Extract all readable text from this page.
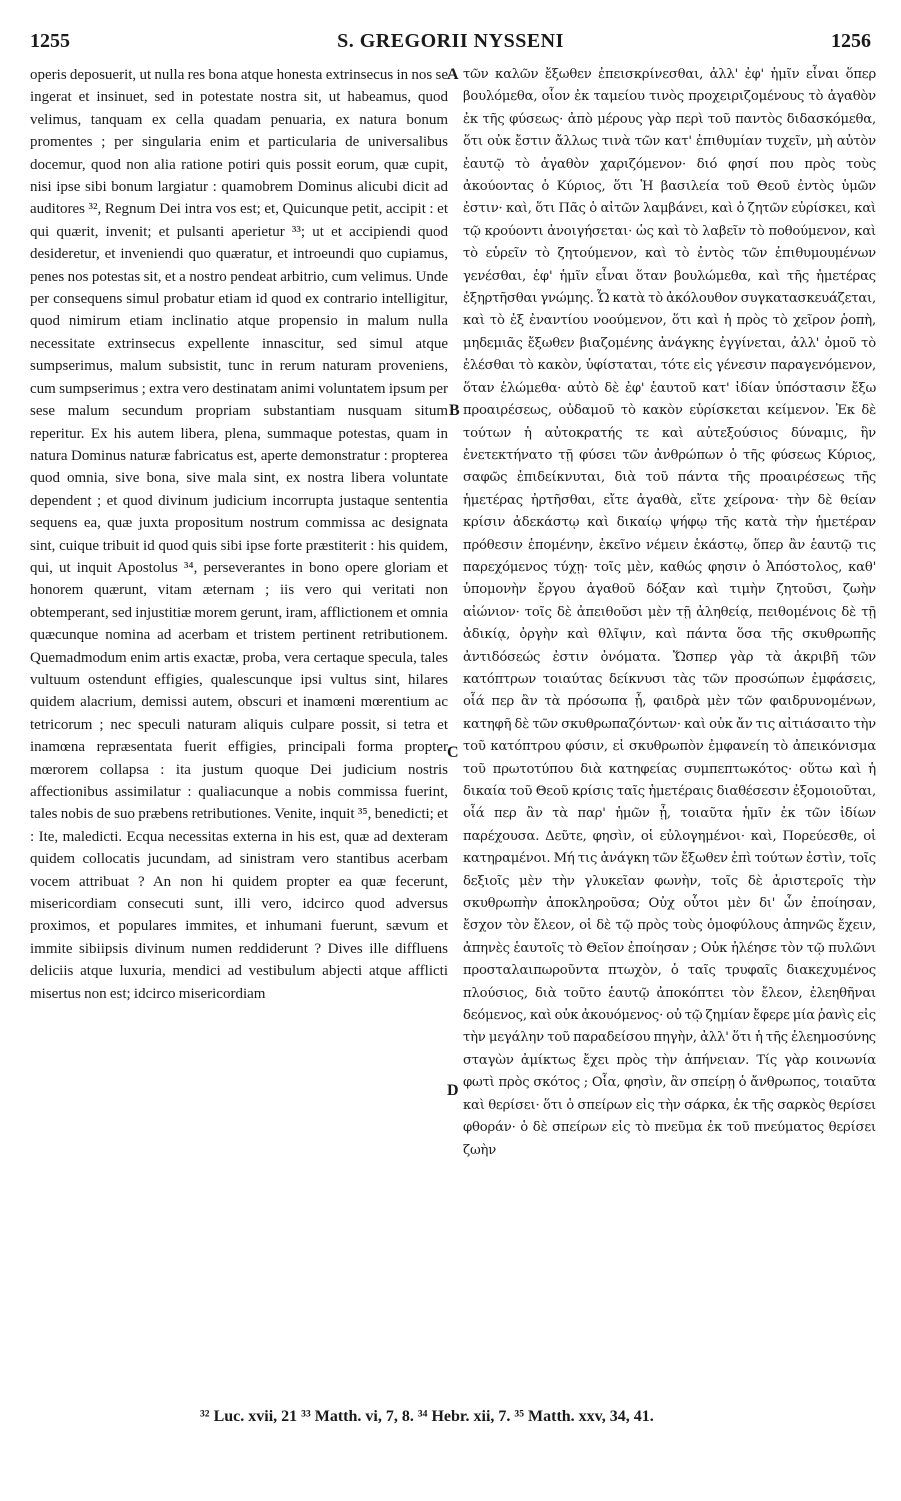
1255	S. GREGORII NYSSENI	1256

operis deposuerit, ut nulla res bona atque honesta extrinsecus in nos se ingerat et insinuet, sed in potestate nostra sit, ut habeamus, quod velimus, tanquam ex cella quadam penuaria, ex natura bonum promentes ; per singularia enim et particularia de universalibus docemur, quod non alia ratione potiri quis possit eorum, quæ cupit, nisi ipse sibi bonum largiatur : quamobrem Dominus alicubi dicit ad auditores ³², Regnum Dei intra vos est; et, Quicunque petit, accipit : et qui quærit, invenit; et pulsanti aperietur ³³; ut et accipiendi quod desideretur, et inveniendi quo quæratur, et introeundi quo cupiamus, penes nos potestas sit, et a nostro pendeat arbitrio, cum velimus. Unde per consequens simul probatur etiam id quod ex contrario intelligitur, quod nimirum etiam inclinatio atque propensio in malum nulla necessitate extrinsecus expellente innascitur, sed simul atque sumpserimus, malum subsistit, tunc in rerum naturam proveniens, cum sumpserimus ; extra vero destinatam animi voluntatem ipsum per sese malum secundum propriam substantiam nusquam situm reperitur. Ex his autem libera, plena, summaque potestas, quam in natura Dominus naturæ fabricatus est, aperte demonstratur : propterea quod omnia, sive bona, sive mala sint, ex nostra libera voluntate dependent ; et quod divinum judicium incorrupta justaque sententia sequens ea, quæ juxta propositum nostrum commissa ac designata sint, cuique tribuit id quod quis sibi ipse forte præstiterit : his quidem, qui, ut inquit Apostolus ³⁴, perseverantes in bono opere gloriam et honorem quærunt, vitam æternam ; iis vero qui veritati non obtemperant, sed injustitiæ morem gerunt, iram, afflictionem et omnia quæcunque nomina ad acerbam et tristem pertinent retributionem. Quemadmodum enim artis exactæ, proba, vera certaque specula, tales vultuum ostendunt effigies, qualescunque ipsi vultus sint, hilares quidem alacrium, demissi autem, obscuri et inamœni mœrentium ac tetricorum ; nec speculi naturam aliquis culpare possit, si tetra et inamœna repræsentata fuerit effigies, principali forma propter mœrorem collapsa : ita justum quoque Dei judicium nostris affectionibus assimilatur : qualiacunque a nobis commissa fuerint, tales nobis de suo præbens retributiones. Venite, inquit ³⁵, benedicti; et : Ite, maledicti. Ecqua necessitas externa in his est, quæ ad dexteram quidem collocatis jucundam, ad sinistram vero stantibus acerbam vocem attribuat ? An non hi quidem propter ea quæ fecerunt, misericordiam consecuti sunt, illi vero, idcirco quod adversus proximos, et populares immites, et inhumani fuerunt, sævum et immite sibiipsis divinum numen reddiderunt ? Dives ille diffluens deliciis atque luxuria, mendici ad vestibulum abjecti atque afflicti misertus non est; idcirco misericordiam

A
B
C
D

τῶν καλῶν ἔξωθεν ἐπεισκρίνεσθαι, ἀλλ' ἐφ' ἡμῖν εἶναι ὅπερ βουλόμεθα, οἷον ἐκ ταμείου τινὸς προχειριζομένους τὸ ἀγαθὸν ἐκ τῆς φύσεως· ἀπὸ μέρους γὰρ περὶ τοῦ παντὸς διδασκόμεθα, ὅτι οὐκ ἔστιν ἄλλως τινὰ τῶν κατ' ἐπιθυμίαν τυχεῖν, μὴ αὐτὸν ἑαυτῷ τὸ ἀγαθὸν χαριζόμενον· διό φησί που πρὸς τοὺς ἀκούοντας ὁ Κύριος, ὅτι Ἡ βασιλεία τοῦ Θεοῦ ἐντὸς ὑμῶν ἐστιν· καὶ, ὅτι Πᾶς ὁ αἰτῶν λαμβάνει, καὶ ὁ ζητῶν εὑρίσκει, καὶ τῷ κρούοντι ἀνοιγήσεται· ὡς καὶ τὸ λαβεῖν τὸ ποθούμενον, καὶ τὸ εὑρεῖν τὸ ζητούμενον, καὶ τὸ ἐντὸς τῶν ἐπιθυμουμένων γενέσθαι, ἐφ' ἡμῖν εἶναι ὅταν βουλώμεθα, καὶ τῆς ἡμετέρας ἐξηρτῆσθαι γνώμης. Ὧ κατὰ τὸ ἀκόλουθον συγκατασκευάζεται, καὶ τὸ ἐξ ἐναντίου νοούμενον, ὅτι καὶ ἡ πρὸς τὸ χεῖρον ῥοπὴ, μηδεμιᾶς ἔξωθεν βιαζομένης ἀνάγκης ἐγγίνεται, ἀλλ' ὁμοῦ τὸ ἑλέσθαι τὸ κακὸν, ὑφίσταται, τότε εἰς γένεσιν παραγενόμενον, ὅταν ἑλώμεθα· αὐτὸ δὲ ἐφ' ἑαυτοῦ κατ' ἰδίαν ὑπόστασιν ἔξω προαιρέσεως, οὐδαμοῦ τὸ κακὸν εὑρίσκεται κείμενον. Ἐκ δὲ τούτων ἡ αὐτοκρατής τε καὶ αὐτεξούσιος δύναμις, ἣν ἐνετεκτήνατο τῇ φύσει τῶν ἀνθρώπων ὁ τῆς φύσεως Κύριος, σαφῶς ἐπιδείκνυται, διὰ τοῦ πάντα τῆς προαιρέσεως τῆς ἡμετέρας ἠρτῆσθαι, εἴτε ἀγαθὰ, εἴτε χείρονα· τὴν δὲ θείαν κρίσιν ἀδεκάστῳ καὶ δικαίῳ ψήφῳ τῆς κατὰ τὴν ἡμετέραν πρόθεσιν ἑπομένην, ἐκεῖνο νέμειν ἑκάστῳ, ὅπερ ἂν ἑαυτῷ τις παρεχόμενος τύχῃ· τοῖς μὲν, καθώς φησιν ὁ Ἀπόστολος, καθ' ὑπομονὴν ἔργου ἀγαθοῦ δόξαν καὶ τιμὴν ζητοῦσι, ζωὴν αἰώνιον· τοῖς δὲ ἀπειθοῦσι μὲν τῇ ἀληθείᾳ, πειθομένοις δὲ τῇ ἀδικίᾳ, ὀργὴν καὶ θλῖψιν, καὶ πάντα ὅσα τῆς σκυθρωπῆς ἀντιδόσεώς ἐστιν ὀνόματα. Ὥσπερ γὰρ τὰ ἀκριβῆ τῶν κατόπτρων τοιαύτας δείκνυσι τὰς τῶν προσώπων ἐμφάσεις, οἷά περ ἂν τὰ πρόσωπα ᾖ, φαιδρὰ μὲν τῶν φαιδρυνομένων, κατηφῆ δὲ τῶν σκυθρωπαζόντων· καὶ οὐκ ἄν τις αἰτιάσαιτο τὴν τοῦ κατόπτρου φύσιν, εἰ σκυθρωπὸν ἐμφανείη τὸ ἀπεικόνισμα τοῦ πρωτοτύπου διὰ κατηφείας συμπεπτωκότος· οὕτω καὶ ἡ δικαία τοῦ Θεοῦ κρίσις ταῖς ἡμετέραις διαθέσεσιν ἐξομοιοῦται, οἷά περ ἂν τὰ παρ' ἡμῶν ᾖ, τοιαῦτα ἡμῖν ἐκ τῶν ἰδίων παρέχουσα. Δεῦτε, φησὶν, οἱ εὐλογημένοι· καὶ, Πορεύεσθε, οἱ κατηραμένοι. Μή τις ἀνάγκη τῶν ἔξωθεν ἐπὶ τούτων ἐστὶν, τοῖς δεξιοῖς μὲν τὴν γλυκεῖαν φωνὴν, τοῖς δὲ ἀριστεροῖς τὴν σκυθρωπὴν ἀποκληροῦσα; Οὐχ οὗτοι μὲν δι' ὧν ἐποίησαν, ἔσχον τὸν ἔλεον, οἱ δὲ τῷ πρὸς τοὺς ὁμοφύλους ἀπηνῶς ἔχειν, ἀπηνὲς ἑαυτοῖς τὸ Θεῖον ἐποίησαν ; Οὐκ ἠλέησε τὸν τῷ πυλῶνι προσταλαιπωροῦντα πτωχὸν, ὁ ταῖς τρυφαῖς διακεχυμένος πλούσιος, διὰ τοῦτο ἑαυτῷ ἀποκόπτει τὸν ἔλεον, ἐλεηθῆναι δεόμενος, καὶ οὐκ ἀκουόμενος· οὐ τῷ ζημίαν ἔφερε μία ῥανὶς εἰς τὴν μεγάλην τοῦ παραδείσου πηγὴν, ἀλλ' ὅτι ἡ τῆς ἐλεημοσύνης σταγὼν ἀμίκτως ἔχει πρὸς τὴν ἀπήνειαν. Τίς γὰρ κοινωνία φωτὶ πρὸς σκότος ; Οἷα, φησὶν, ἂν σπείρῃ ὁ ἄνθρωπος, τοιαῦτα καὶ θερίσει· ὅτι ὁ σπείρων εἰς τὴν σάρκα, ἐκ τῆς σαρκὸς θερίσει φθοράν· ὁ δὲ σπείρων εἰς τὸ πνεῦμα ἐκ τοῦ πνεύματος θερίσει ζωὴν

³² Luc. xvii, 21 ³³ Matth. vi, 7, 8. ³⁴ Hebr. xii, 7. ³⁵ Matth. xxv, 34, 41.
